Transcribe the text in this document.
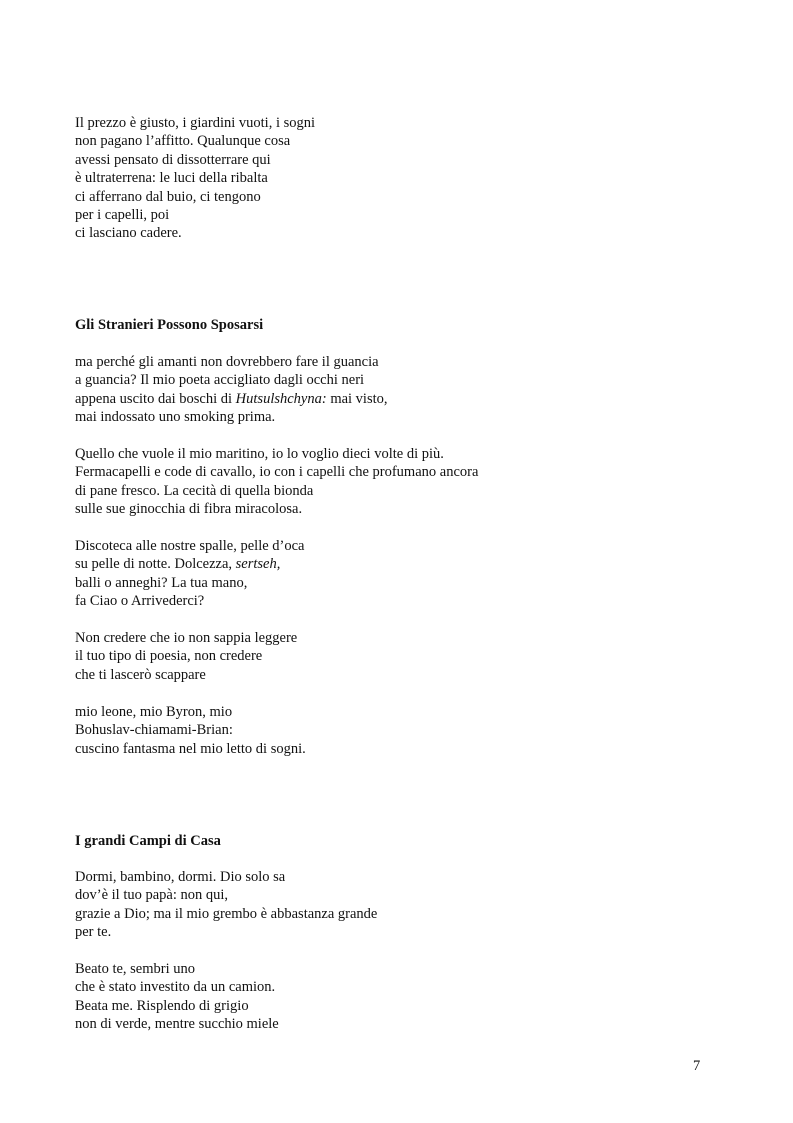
Il prezzo è giusto, i giardini vuoti, i sogni
non pagano l’affitto. Qualunque cosa
avessi pensato di dissotterrare qui
è ultraterrena: le luci della ribalta
ci afferrano dal buio, ci tengono
per i capelli, poi
ci lasciano cadere.
Gli Stranieri Possono Sposarsi
ma perché gli amanti non dovrebbero fare il guancia
a guancia? Il mio poeta accigliato dagli occhi neri
appena uscito dai boschi di Hutsulshchyna: mai visto,
mai indossato uno smoking prima.
Quello che vuole il mio maritino, io lo voglio dieci volte di più.
Fermacapelli e code di cavallo, io con i capelli che profumano ancora
di pane fresco. La cecità di quella bionda
sulle sue ginocchia di fibra miracolosa.
Discoteca alle nostre spalle, pelle d’oca
su pelle di notte. Dolcezza, sertseh,
balli o anneghi? La tua mano,
fa Ciao o Arrivederci?
Non credere che io non sappia leggere
il tuo tipo di poesia, non credere
che ti lascerò scappare
mio leone, mio Byron, mio
Bohuslav-chiamami-Brian:
cuscino fantasma nel mio letto di sogni.
I grandi Campi di Casa
Dormi, bambino, dormi. Dio solo sa
dov’è il tuo papà: non qui,
grazie a Dio; ma il mio grembo è abbastanza grande
per te.
Beato te, sembri uno
che è stato investito da un camion.
Beata me. Risplendo di grigio
non di verde, mentre succhio miele
7
